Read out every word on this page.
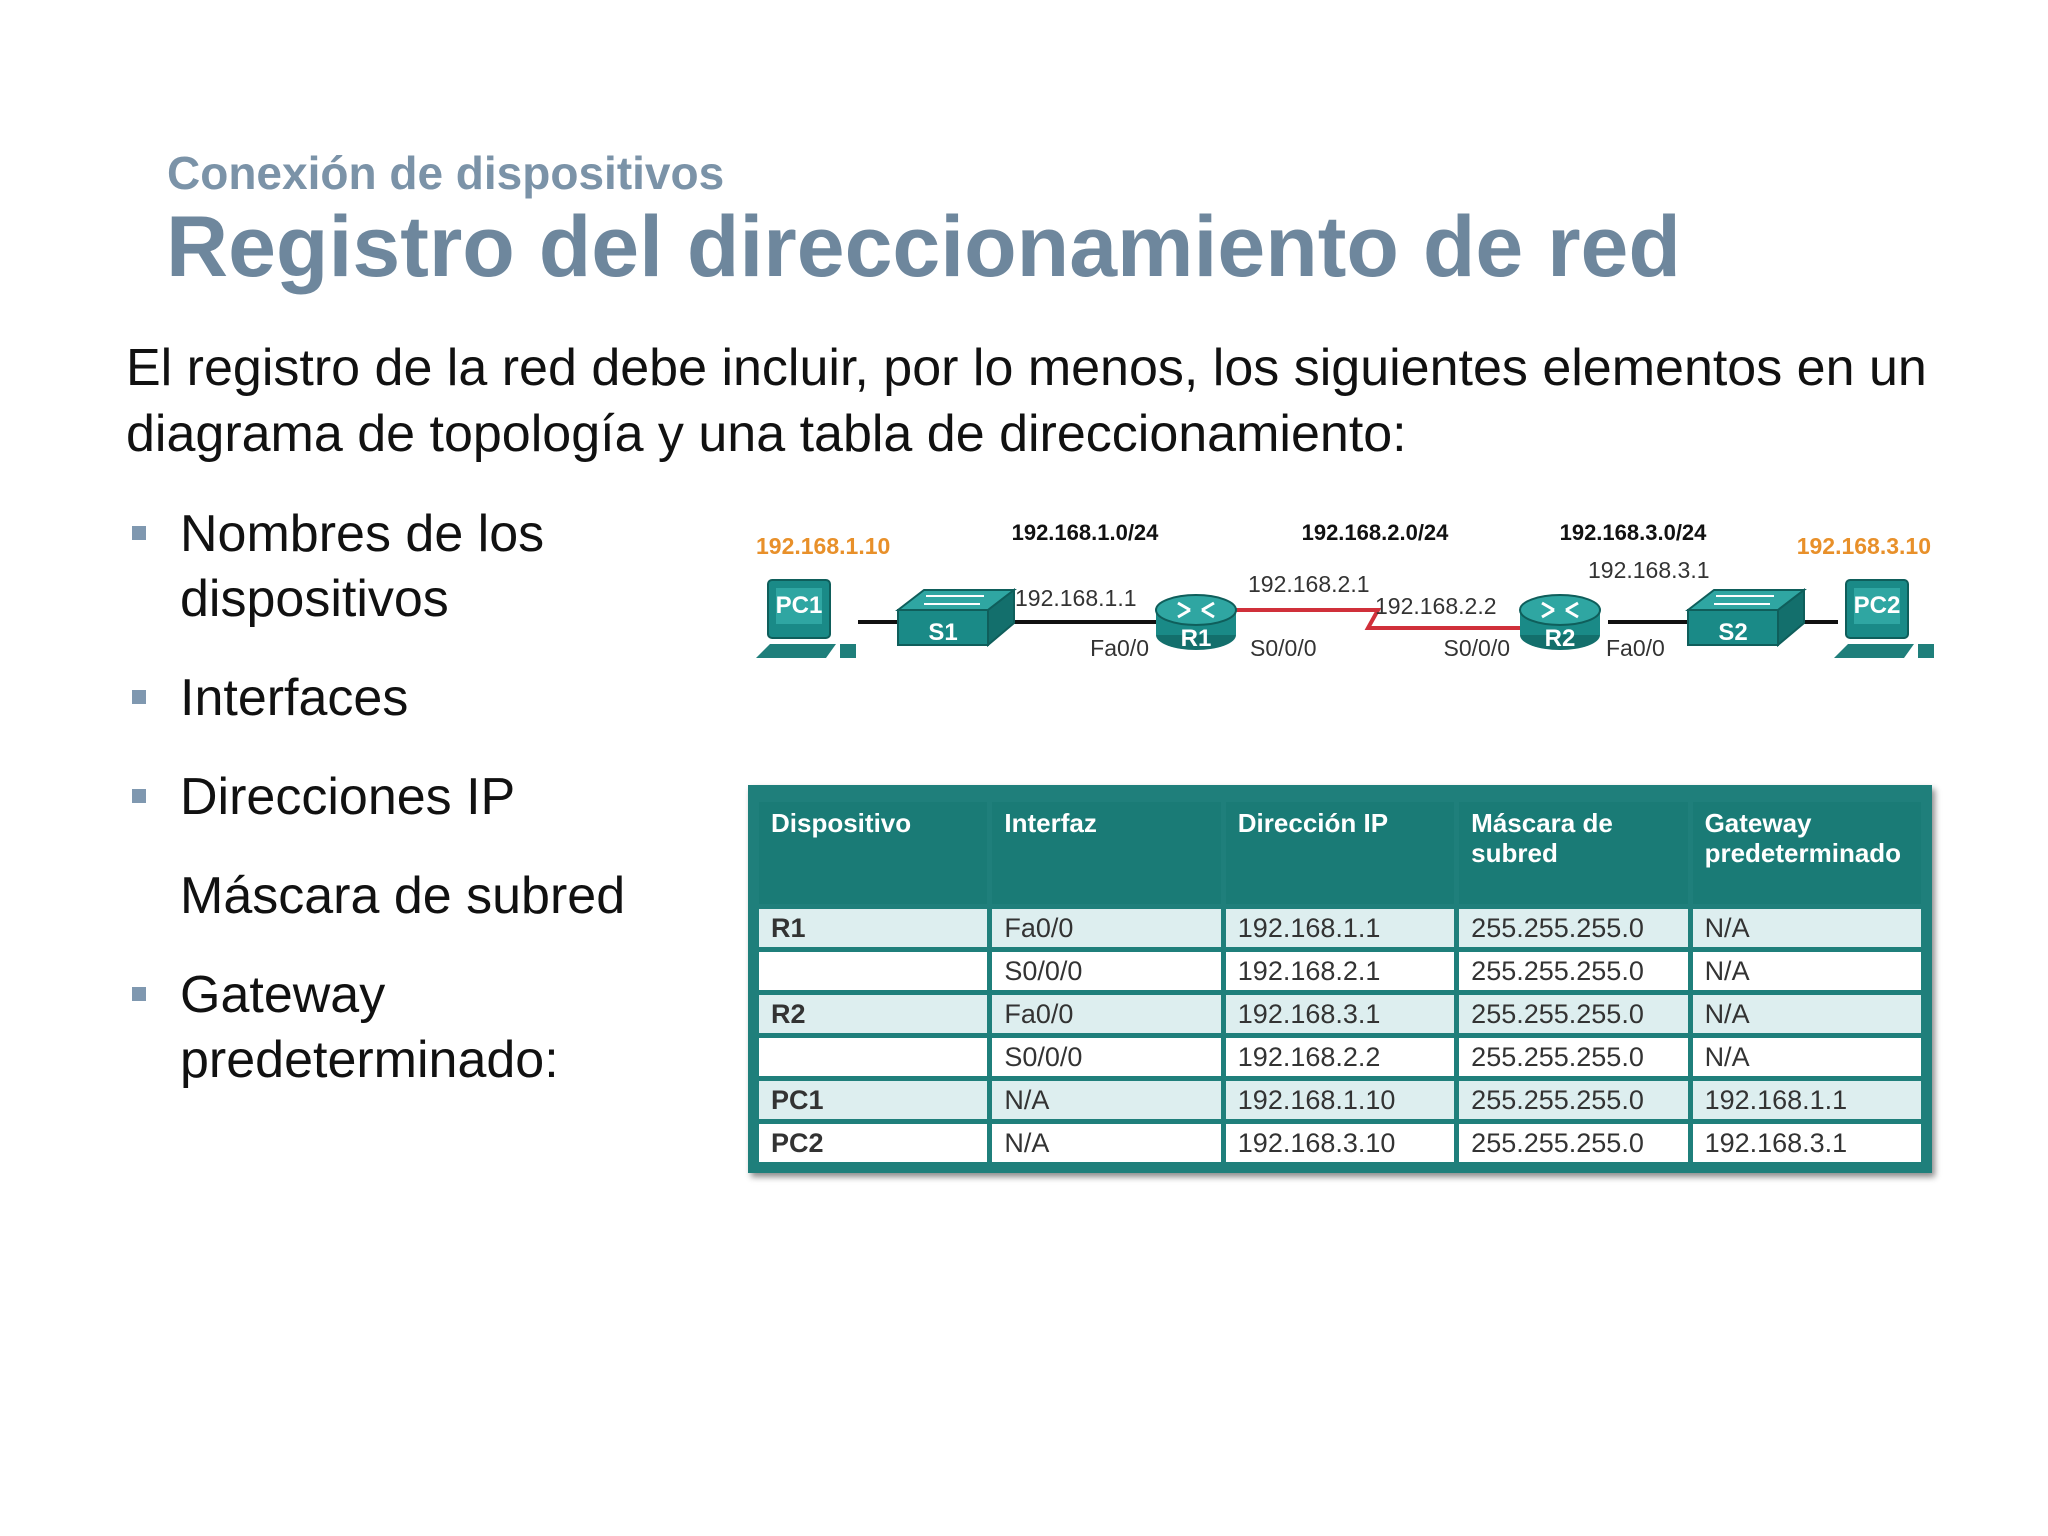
Conexión de dispositivos
Registro del direccionamiento de red

El registro de la red debe incluir, por lo menos, los siguientes elementos en un diagrama de topología y una tabla de direccionamiento:

Nombres de los dispositivos
Interfaces
Direcciones IP
Máscara de subred
Gateway predeterminado:
PC1
192.168.1.10
S1	R1	R2	S2
PC2
192.168.3.10
192.168.1.0/24	192.168.2.0/24	192.168.3.0/24
192.168.1.1
192.168.2.1
192.168.2.2
192.168.3.1
Fa0/0	S0/0/0	S0/0/0	Fa0/0
Dispositivo	Interfaz	Dirección IP	Máscara de subred	Gateway predeterminado
R1	Fa0/0	192.168.1.1	255.255.255.0	N/A
	S0/0/0	192.168.2.1	255.255.255.0	N/A
R2	Fa0/0	192.168.3.1	255.255.255.0	N/A
	S0/0/0	192.168.2.2	255.255.255.0	N/A
PC1	N/A	192.168.1.10	255.255.255.0	192.168.1.1
PC2	N/A	192.168.3.10	255.255.255.0	192.168.3.1
